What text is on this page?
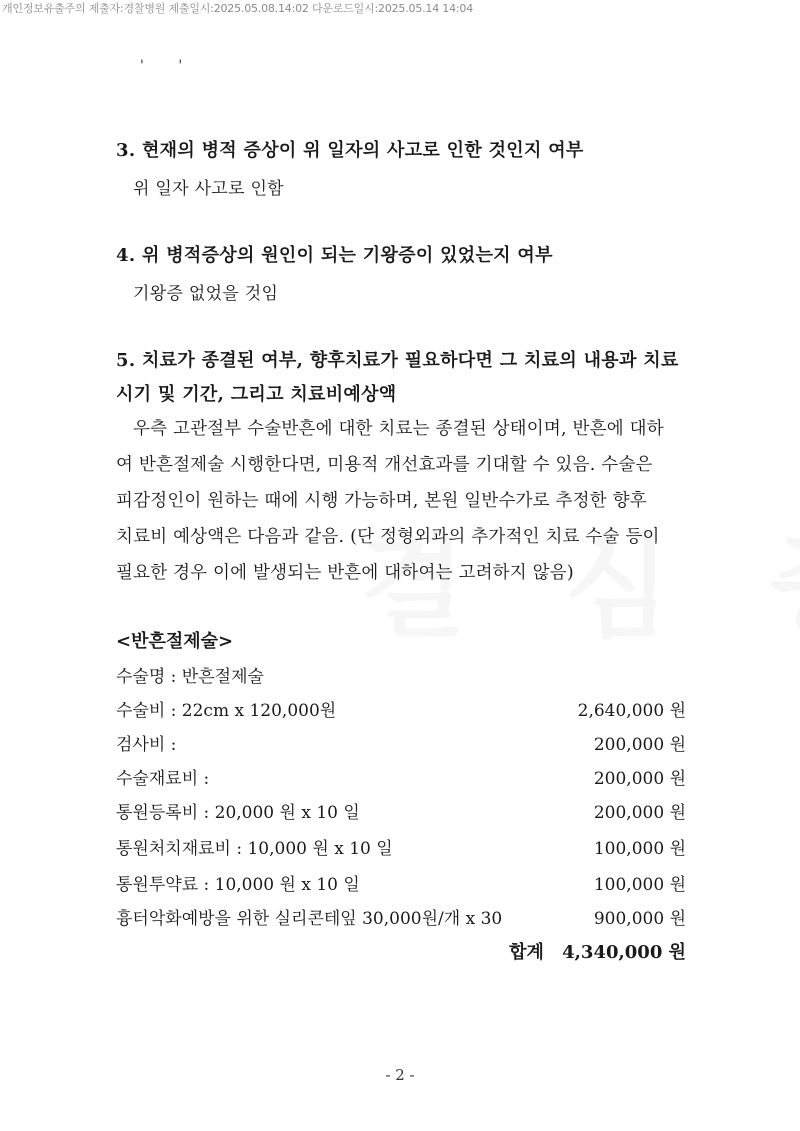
개인정보유출주의 제출자:경찰병원 제출일시:2025.05.08.14:02 다운로드일시:2025.05.14 14:04
' '
3. 현재의 병적 증상이 위 일자의 사고로 인한 것인지 여부
위 일자 사고로 인함
4. 위 병적증상의 원인이 되는 기왕증이 있었는지 여부
기왕증 없었을 것임
5. 치료가 종결된 여부, 향후치료가 필요하다면 그 치료의 내용과 치료
시기 및 기간, 그리고 치료비예상액
우측 고관절부 수술반흔에 대한 치료는 종결된 상태이며, 반흔에 대하
여 반흔절제술 시행한다면, 미용적 개선효과를 기대할 수 있음. 수술은
피감정인이 원하는 때에 시행 가능하며, 본원 일반수가로 추정한 향후
치료비 예상액은 다음과 같음. (단 정형외과의 추가적인 치료 수술 등이
필요한 경우 이에 발생되는 반흔에 대하여는 고려하지 않음)
<반흔절제술>
수술명 : 반흔절제술
수술비 : 22cm x 120,000원	2,640,000 원
검사비 :	200,000 원
수술재료비 :	200,000 원
통원등록비 : 20,000 원 x 10 일	200,000 원
통원처치재료비 : 10,000 원 x 10 일	100,000 원
통원투약료 : 10,000 원 x 10 일	100,000 원
흉터악화예방을 위한 실리콘테잎 30,000원/개 x 30	900,000 원
합계 4,340,000 원
- 2 -
